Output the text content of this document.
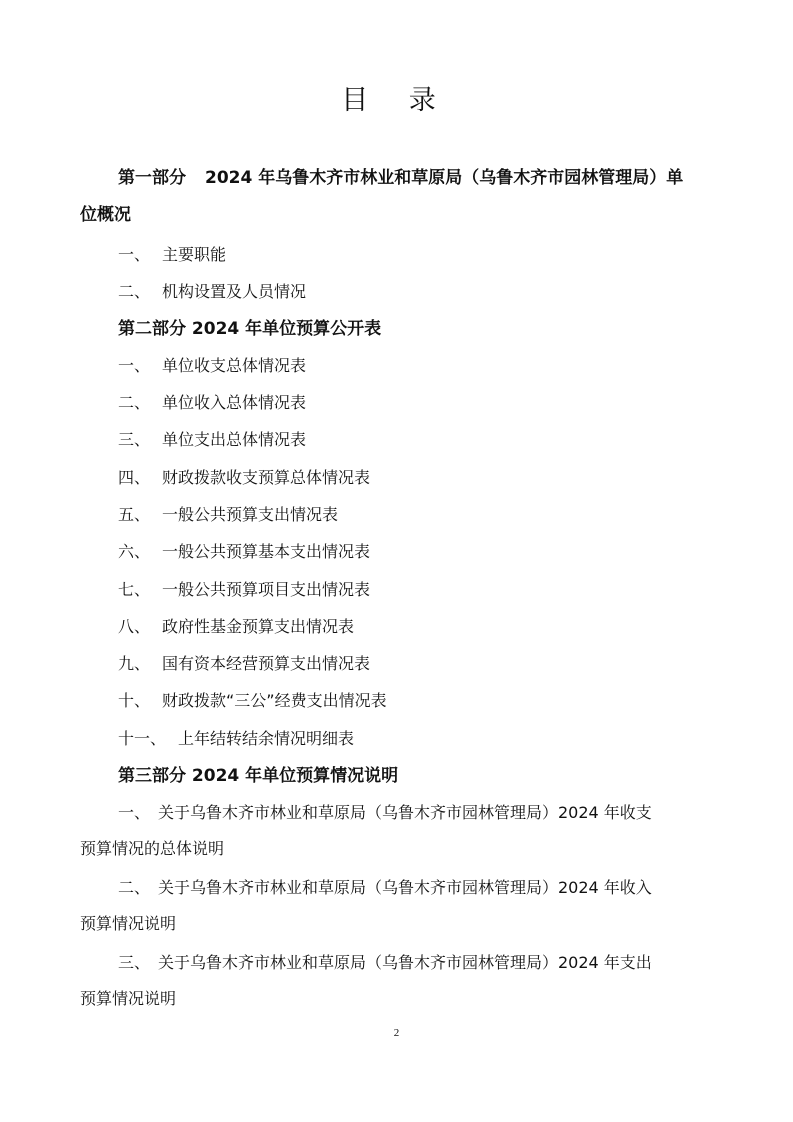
目 录
第一部分 2024 年乌鲁木齐市林业和草原局（乌鲁木齐市园林管理局）单
位概况
一、 主要职能
二、 机构设置及人员情况
第二部分 2024 年单位预算公开表
一、 单位收支总体情况表
二、 单位收入总体情况表
三、 单位支出总体情况表
四、 财政拨款收支预算总体情况表
五、 一般公共预算支出情况表
六、 一般公共预算基本支出情况表
七、 一般公共预算项目支出情况表
八、 政府性基金预算支出情况表
九、 国有资本经营预算支出情况表
十、 财政拨款“三公”经费支出情况表
十一、 上年结转结余情况明细表
第三部分 2024 年单位预算情况说明
一、 关于乌鲁木齐市林业和草原局（乌鲁木齐市园林管理局）2024 年收支
预算情况的总体说明
二、 关于乌鲁木齐市林业和草原局（乌鲁木齐市园林管理局）2024 年收入
预算情况说明
三、 关于乌鲁木齐市林业和草原局（乌鲁木齐市园林管理局）2024 年支出
预算情况说明
2
